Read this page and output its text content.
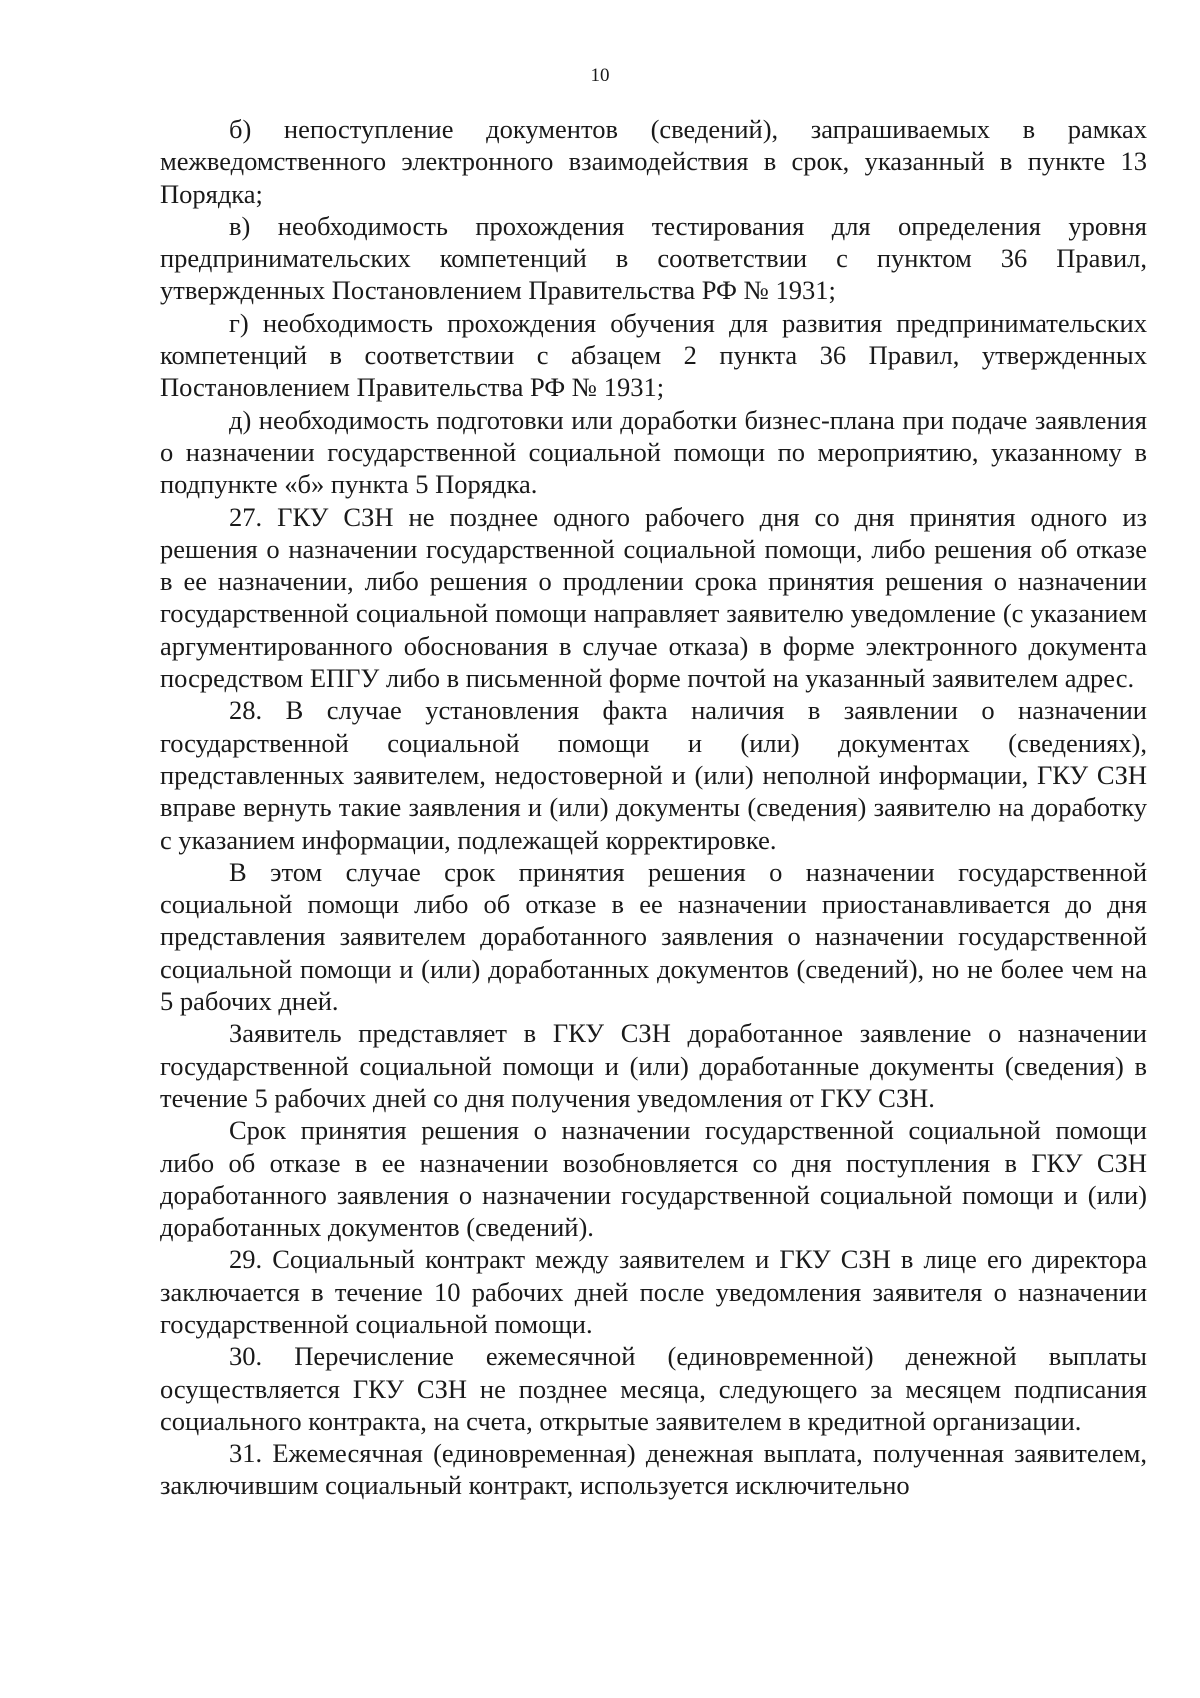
10

б) непоступление документов (сведений), запрашиваемых в рамках межведомственного электронного взаимодействия в срок, указанный в пункте 13 Порядка;

в) необходимость прохождения тестирования для определения уровня предпринимательских компетенций в соответствии с пунктом 36 Правил, утвержденных Постановлением Правительства РФ № 1931;

г) необходимость прохождения обучения для развития предпринимательских компетенций в соответствии с абзацем 2 пункта 36 Правил, утвержденных Постановлением Правительства РФ № 1931;

д) необходимость подготовки или доработки бизнес-плана при подаче заявления о назначении государственной социальной помощи по мероприятию, указанному в подпункте «б» пункта 5 Порядка.

27. ГКУ СЗН не позднее одного рабочего дня со дня принятия одного из решения о назначении государственной социальной помощи, либо решения об отказе в ее назначении, либо решения о продлении срока принятия решения о назначении государственной социальной помощи направляет заявителю уведомление (с указанием аргументированного обоснования в случае отказа) в форме электронного документа посредством ЕПГУ либо в письменной форме почтой на указанный заявителем адрес.

28. В случае установления факта наличия в заявлении о назначении государственной социальной помощи и (или) документах (сведениях), представленных заявителем, недостоверной и (или) неполной информации, ГКУ СЗН вправе вернуть такие заявления и (или) документы (сведения) заявителю на доработку с указанием информации, подлежащей корректировке.

В этом случае срок принятия решения о назначении государственной социальной помощи либо об отказе в ее назначении приостанавливается до дня представления заявителем доработанного заявления о назначении государственной социальной помощи и (или) доработанных документов (сведений), но не более чем на 5 рабочих дней.

Заявитель представляет в ГКУ СЗН доработанное заявление о назначении государственной социальной помощи и (или) доработанные документы (сведения) в течение 5 рабочих дней со дня получения уведомления от ГКУ СЗН.

Срок принятия решения о назначении государственной социальной помощи либо об отказе в ее назначении возобновляется со дня поступления в ГКУ СЗН доработанного заявления о назначении государственной социальной помощи и (или) доработанных документов (сведений).

29. Социальный контракт между заявителем и ГКУ СЗН в лице его директора заключается в течение 10 рабочих дней после уведомления заявителя о назначении государственной социальной помощи.

30. Перечисление ежемесячной (единовременной) денежной выплаты осуществляется ГКУ СЗН не позднее месяца, следующего за месяцем подписания социального контракта, на счета, открытые заявителем в кредитной организации.

31. Ежемесячная (единовременная) денежная выплата, полученная заявителем, заключившим социальный контракт, используется исключительно
